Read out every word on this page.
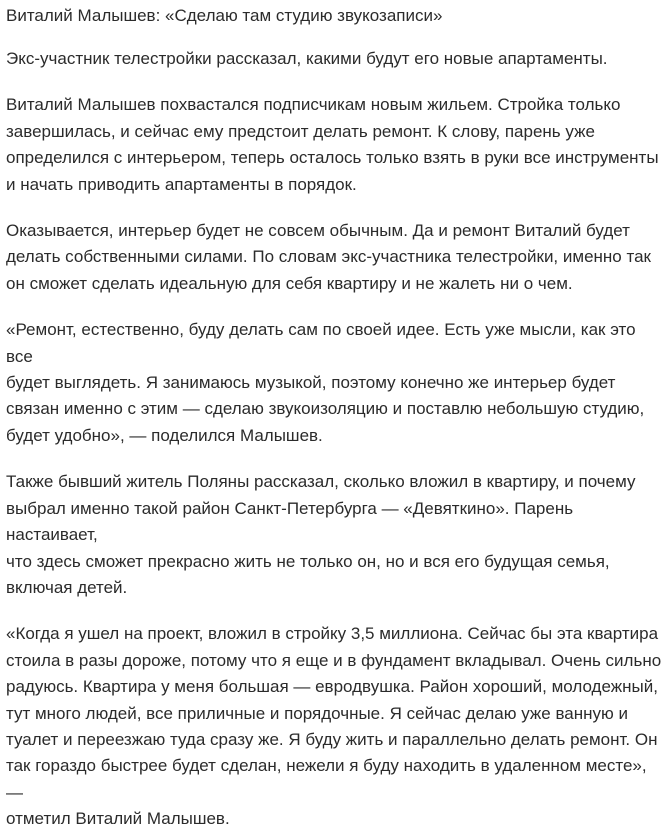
Виталий Малышев: «Сделаю там студию звукозаписи»

Экс-участник телестройки рассказал, какими будут его новые апартаменты.

Виталий Малышев похвастался подписчикам новым жильем. Стройка только
завершилась, и сейчас ему предстоит делать ремонт. К слову, парень уже
определился с интерьером, теперь осталось только взять в руки все инструменты
и начать приводить апартаменты в порядок.

Оказывается, интерьер будет не совсем обычным. Да и ремонт Виталий будет
делать собственными силами. По словам экс-участника телестройки, именно так
он сможет сделать идеальную для себя квартиру и не жалеть ни о чем.

«Ремонт, естественно, буду делать сам по своей идее. Есть уже мысли, как это все
будет выглядеть. Я занимаюсь музыкой, поэтому конечно же интерьер будет
связан именно с этим — сделаю звукоизоляцию и поставлю небольшую студию,
будет удобно», — поделился Малышев.

Также бывший житель Поляны рассказал, сколько вложил в квартиру, и почему
выбрал именно такой район Санкт-Петербурга — «Девяткино». Парень настаивает,
что здесь сможет прекрасно жить не только он, но и вся его будущая семья,
включая детей.

«Когда я ушел на проект, вложил в стройку 3,5 миллиона. Сейчас бы эта квартира
стоила в разы дороже, потому что я еще и в фундамент вкладывал. Очень сильно
радуюсь. Квартира у меня большая — евродвушка. Район хороший, молодежный,
тут много людей, все приличные и порядочные. Я сейчас делаю уже ванную и
туалет и переезжаю туда сразу же. Я буду жить и параллельно делать ремонт. Он
так гораздо быстрее будет сделан, нежели я буду находить в удаленном месте», —
отметил Виталий Малышев.
